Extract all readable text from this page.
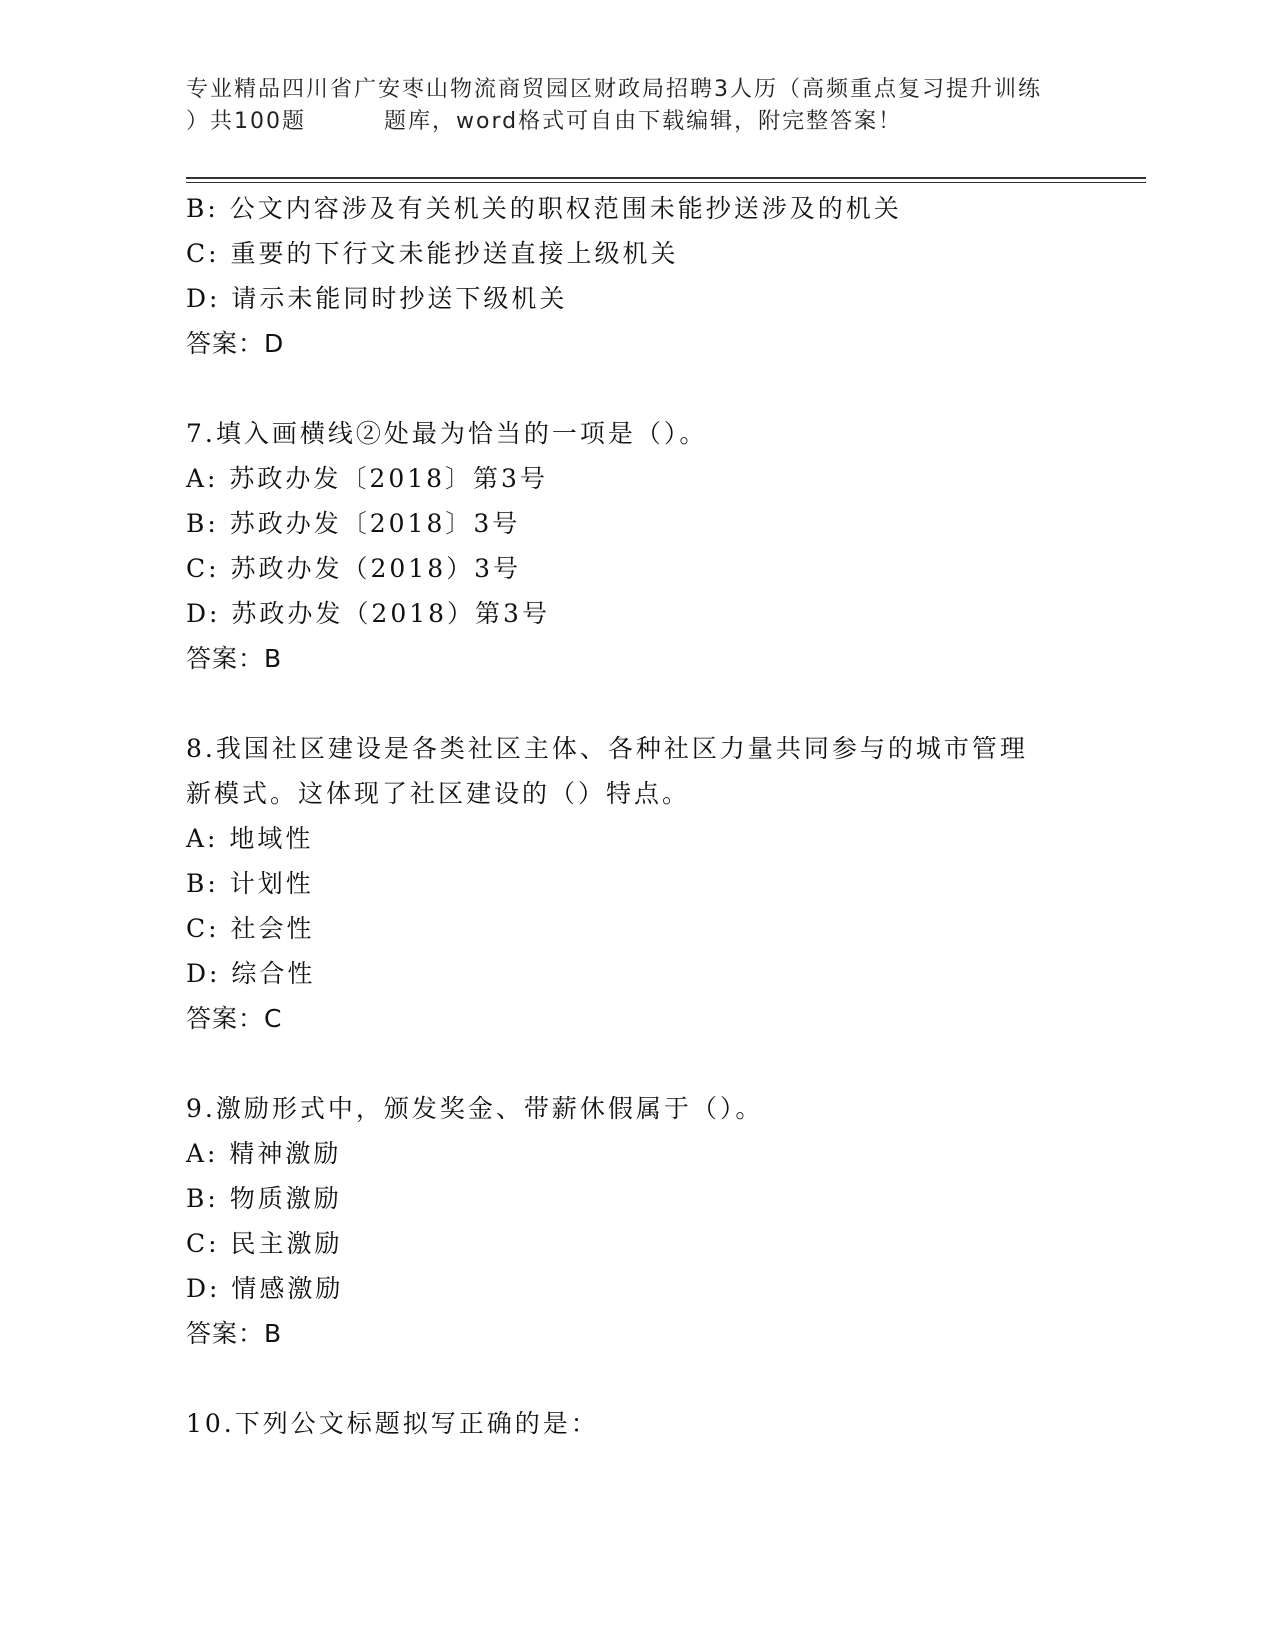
专业精品四川省广安枣山物流商贸园区财政局招聘3人历（高频重点复习提升训练
）共100题	题库，word格式可自由下载编辑，附完整答案！
B: 公文内容涉及有关机关的职权范围未能抄送涉及的机关
C: 重要的下行文未能抄送直接上级机关
D: 请示未能同时抄送下级机关
答案：D
7.填入画横线②处最为恰当的一项是（）。
A: 苏政办发〔2018〕第3号
B: 苏政办发〔2018〕3号
C: 苏政办发（2018）3号
D: 苏政办发（2018）第3号
答案：B
8.我国社区建设是各类社区主体、各种社区力量共同参与的城市管理
新模式。这体现了社区建设的（）特点。
A: 地域性
B: 计划性
C: 社会性
D: 综合性
答案：C
9.激励形式中，颁发奖金、带薪休假属于（）。
A: 精神激励
B: 物质激励
C: 民主激励
D: 情感激励
答案：B
10.下列公文标题拟写正确的是：
